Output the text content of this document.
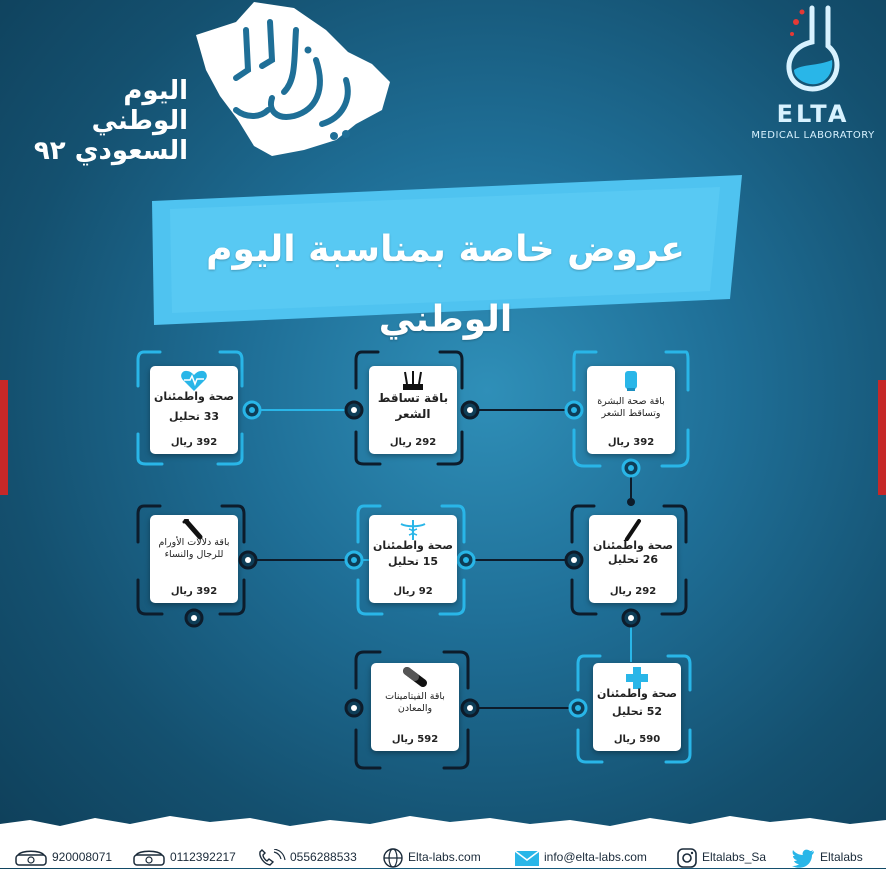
اليوم الوطني
السعودي ٩٢
ELTA
MEDICAL LABORATORY
عروض خاصة بمناسبة اليوم الوطني
باقة صحة البشرة وتساقط الشعر
392 ريال
باقة تساقط الشعر
292 ريال
صحة واطمئنان
33 تحليل
392 ريال
صحة واطمئنان
26 تحليل
292 ريال
صحة واطمئنان
15 تحليل
92 ريال
باقة دلالات الأورام للرجال والنساء
392 ريال
صحة واطمئنان
52 تحليل
590 ريال
باقة الفيتامينات والمعادن
592 ريال
920008071	0112392217	0556288533	Elta-labs.com	info@elta-labs.com	Eltalabs_Sa	Eltalabs
